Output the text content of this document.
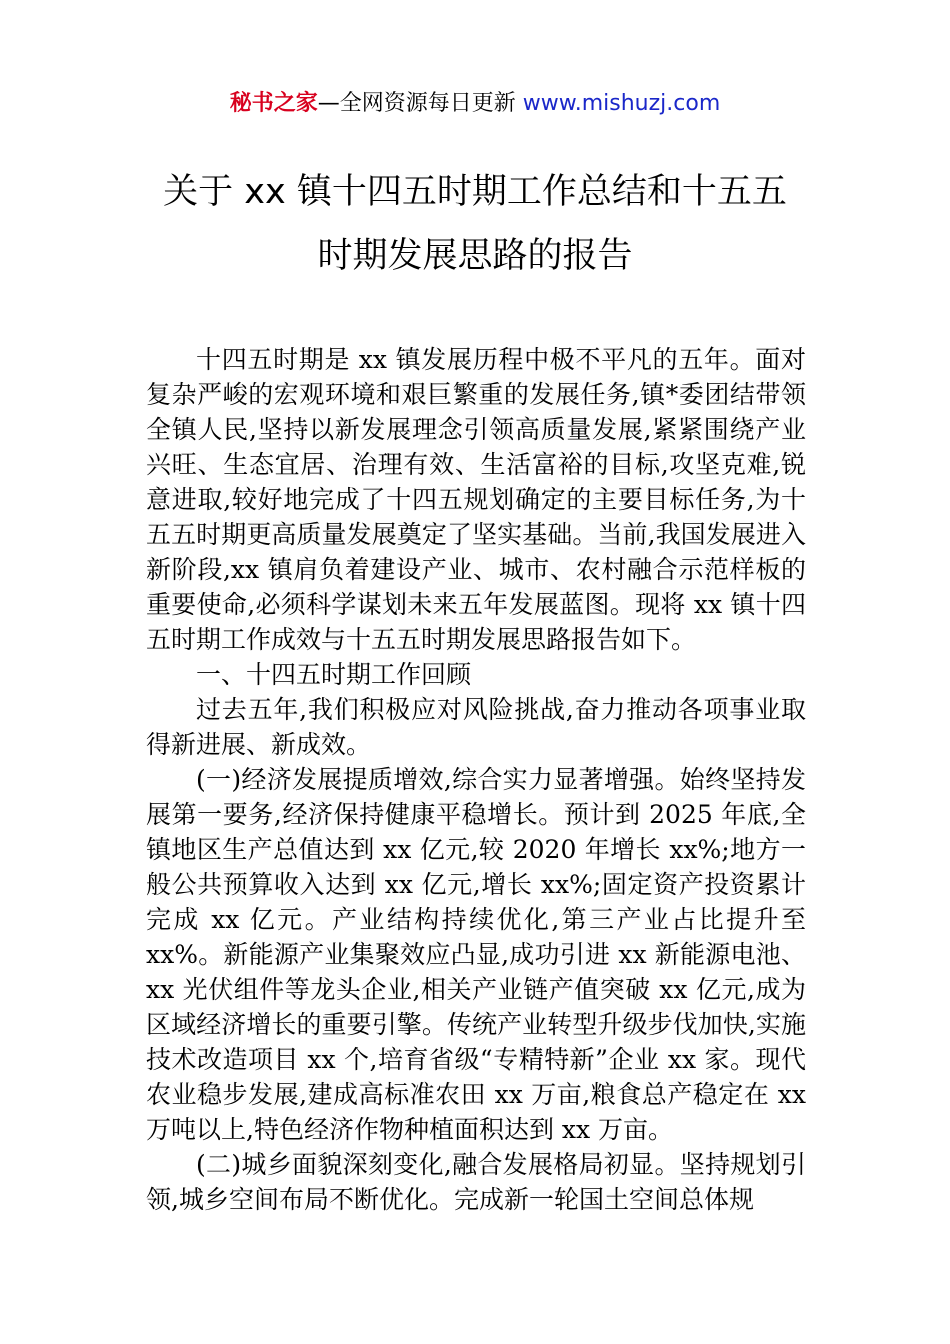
秘书之家—全网资源每日更新 www.mishuzj.com
关于 xx 镇十四五时期工作总结和十五五
时期发展思路的报告

十四五时期是 xx 镇发展历程中极不平凡的五年。面对复杂严峻的宏观环境和艰巨繁重的发展任务,镇*委团结带领全镇人民,坚持以新发展理念引领高质量发展,紧紧围绕产业兴旺、生态宜居、治理有效、生活富裕的目标,攻坚克难,锐意进取,较好地完成了十四五规划确定的主要目标任务,为十五五时期更高质量发展奠定了坚实基础。当前,我国发展进入新阶段,xx 镇肩负着建设产业、城市、农村融合示范样板的重要使命,必须科学谋划未来五年发展蓝图。现将 xx 镇十四五时期工作成效与十五五时期发展思路报告如下。

一、十四五时期工作回顾

过去五年,我们积极应对风险挑战,奋力推动各项事业取得新进展、新成效。

(一)经济发展提质增效,综合实力显著增强。始终坚持发展第一要务,经济保持健康平稳增长。预计到 2025 年底,全镇地区生产总值达到 xx 亿元,较 2020 年增长 xx%;地方一般公共预算收入达到 xx 亿元,增长 xx%;固定资产投资累计完成 xx 亿元。产业结构持续优化,第三产业占比提升至 xx%。新能源产业集聚效应凸显,成功引进 xx 新能源电池、xx 光伏组件等龙头企业,相关产业链产值突破 xx 亿元,成为区域经济增长的重要引擎。传统产业转型升级步伐加快,实施技术改造项目 xx 个,培育省级“专精特新”企业 xx 家。现代农业稳步发展,建成高标准农田 xx 万亩,粮食总产稳定在 xx 万吨以上,特色经济作物种植面积达到 xx 万亩。

(二)城乡面貌深刻变化,融合发展格局初显。坚持规划引领,城乡空间布局不断优化。完成新一轮国土空间总体规
